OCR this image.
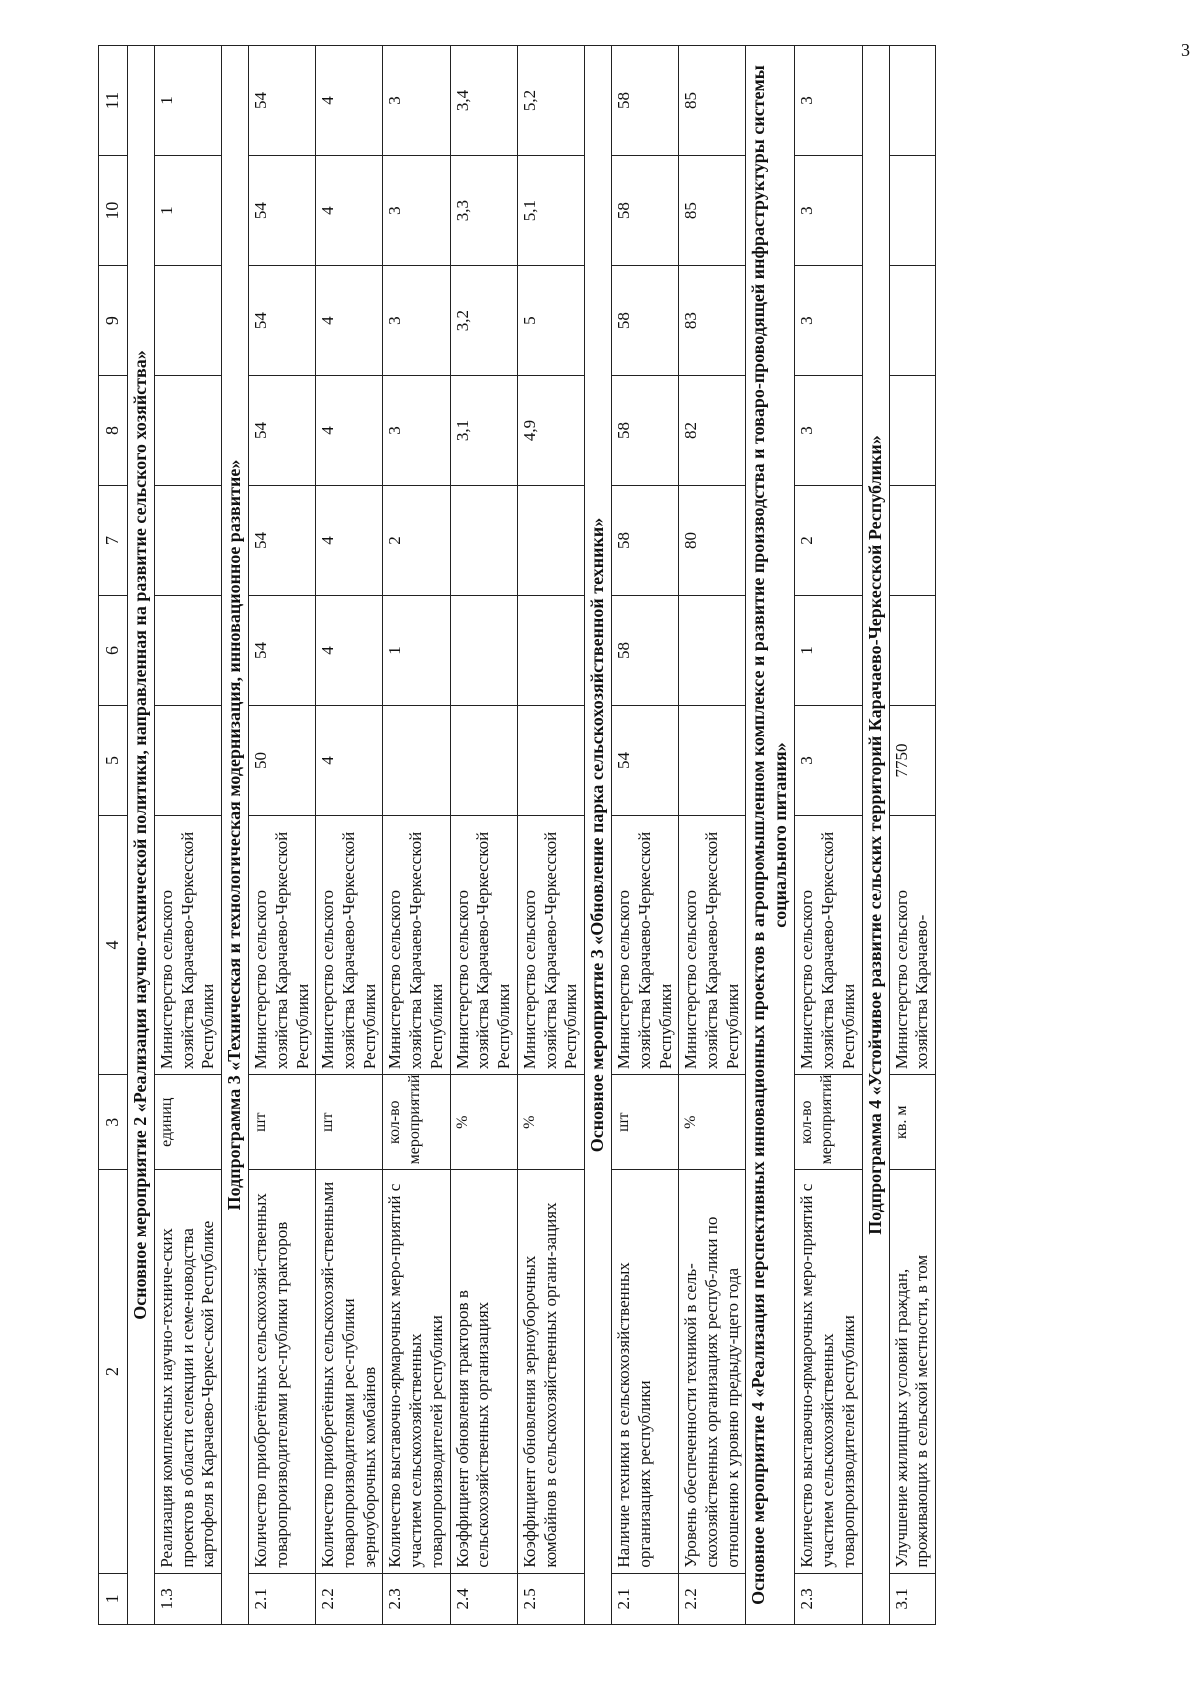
3
1	2	3	4	5	6	7	8	9	10	11
Основное мероприятие 2 «Реализация научно-технической политики, направленная на развитие сельского хозяйства»										
1.3	Реализация комплексных научно-техниче-ских проектов в области селекции и семе-новодства картофеля в Карачаево-Черкес-ской Республике	единиц	Министерство сельского хозяйства Карачаево-Черкесской Республики						1	1
Подпрограмма 3 «Техническая и технологическая модернизация, инновационное развитие»										
2.1	Количество приобретённых сельскохозяй-ственных товаропроизводителями рес-публики тракторов	шт	Министерство сельского хозяйства Карачаево-Черкесской Республики	50	54	54	54	54	54	54
2.2	Количество приобретённых сельскохозяй-ственными товаропроизводителями рес-публики зерноуборочных комбайнов	шт	Министерство сельского хозяйства Карачаево-Черкесской Республики	4	4	4	4	4	4	4
2.3	Количество выставочно-ярмарочных меро-приятий с участием сельскохозяйственных товаропроизводителей республики	кол-во мероприятий	Министерство сельского хозяйства Карачаево-Черкесской Республики		1	2	3	3	3	3
2.4	Коэффициент обновления тракторов в сельскохозяйственных организациях	%	Министерство сельского хозяйства Карачаево-Черкесской Республики				3,1	3,2	3,3	3,4
2.5	Коэффициент обновления зерноуборочных комбайнов в сельскохозяйственных органи-зациях	%	Министерство сельского хозяйства Карачаево-Черкесской Республики				4,9	5	5,1	5,2
Основное мероприятие 3 «Обновление парка сельскохозяйственной техники»										
2.1	Наличие техники в сельскохозяйственных организациях республики	шт	Министерство сельского хозяйства Карачаево-Черкесской Республики	54	58	58	58	58	58	58
2.2	Уровень обеспеченности техникой в сель-скохозяйственных организациях респуб-лики по отношению к уровню предыду-щего года	%	Министерство сельского хозяйства Карачаево-Черкесской Республики			80	82	83	85	85
Основное мероприятие 4 «Реализация перспективных инновационных проектов в агропромышленном комплексе и развитие производства и товаро-проводящей инфраструктуры системы социального питания»										
2.3	Количество выставочно-ярмарочных меро-приятий с участием сельскохозяйственных товаропроизводителей республики	кол-во мероприятий	Министерство сельского хозяйства Карачаево-Черкесской Республики	3	1	2	3	3	3	3
Подпрограмма 4 «Устойчивое развитие сельских территорий Карачаево-Черкесской Республики»										
3.1	Улучшение жилищных условий граждан, проживающих в сельской местности, в том	кв. м	Министерство сельского хозяйства Карачаево-	7750						
